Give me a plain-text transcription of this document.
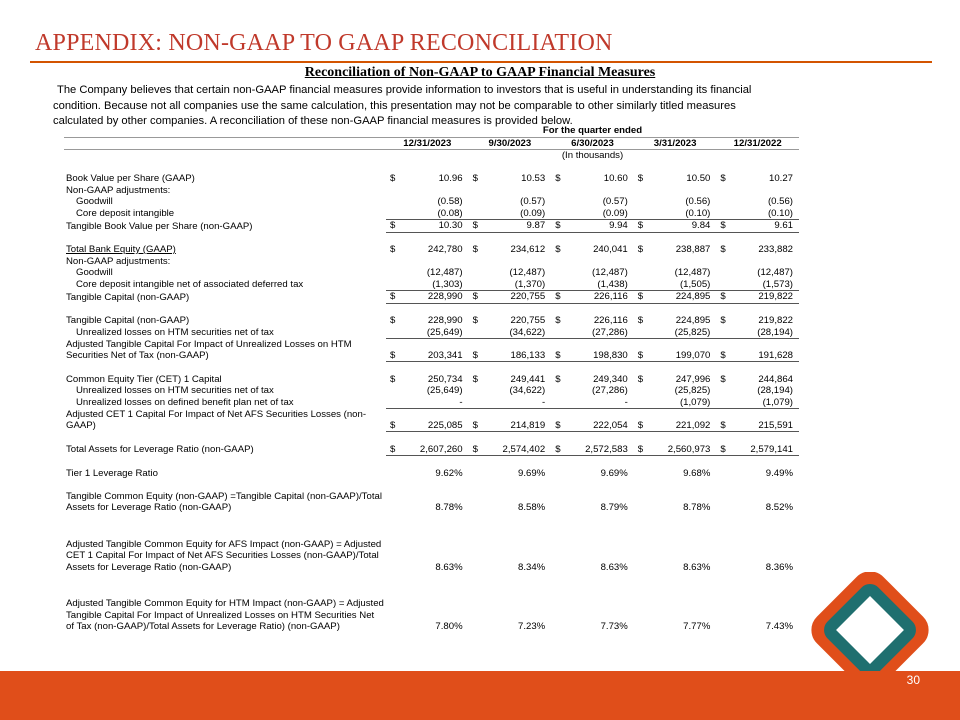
APPENDIX: NON-GAAP TO GAAP RECONCILIATION
Reconciliation of Non-GAAP to GAAP Financial Measures
The Company believes that certain non-GAAP financial measures provide information to investors that is useful in understanding its financial
condition. Because not all companies use the same calculation, this presentation may not be comparable to other similarly titled measures
calculated by other companies. A reconciliation of these non-GAAP financial measures is provided below.
	For the quarter ended				
	12/31/2023	9/30/2023	6/30/2023	3/31/2023	12/31/2022
	(In thousands)				

Book Value per Share (GAAP)	$ 10.96	$ 10.53	$ 10.60	$ 10.50	$ 10.27
Non-GAAP adjustments:					
Goodwill	(0.58)	(0.57)	(0.57)	(0.56)	(0.56)
Core deposit intangible	(0.08)	(0.09)	(0.09)	(0.10)	(0.10)
Tangible Book Value per Share (non-GAAP)	$ 10.30	$ 9.87	$ 9.94	$ 9.84	$ 9.61

Total Bank Equity (GAAP)	$ 242,780	$ 234,612	$ 240,041	$ 238,887	$ 233,882
Non-GAAP adjustments:					
Goodwill	(12,487)	(12,487)	(12,487)	(12,487)	(12,487)
Core deposit intangible net of associated deferred tax	(1,303)	(1,370)	(1,438)	(1,505)	(1,573)
Tangible Capital (non-GAAP)	$ 228,990	$ 220,755	$ 226,116	$ 224,895	$ 219,822

Tangible Capital (non-GAAP)	$ 228,990	$ 220,755	$ 226,116	$ 224,895	$ 219,822
Unrealized losses on HTM securities net of tax	(25,649)	(34,622)	(27,286)	(25,825)	(28,194)
Adjusted Tangible Capital For Impact of Unrealized Losses on HTM Securities Net of Tax (non-GAAP)	$ 203,341	$ 186,133	$ 198,830	$ 199,070	$ 191,628

Common Equity Tier (CET) 1 Capital	$ 250,734	$ 249,441	$ 249,340	$ 247,996	$ 244,864
Unrealized losses on HTM securities net of tax	(25,649)	(34,622)	(27,286)	(25,825)	(28,194)
Unrealized losses on defined benefit plan net of tax	-	-	-	(1,079)	(1,079)
Adjusted CET 1 Capital For Impact of Net AFS Securities Losses (non-GAAP)	$ 225,085	$ 214,819	$ 222,054	$ 221,092	$ 215,591

Total Assets for Leverage Ratio (non-GAAP)	$ 2,607,260	$ 2,574,402	$ 2,572,583	$ 2,560,973	$ 2,579,141

Tier 1 Leverage Ratio	9.62%	9.69%	9.69%	9.68%	9.49%

Tangible Common Equity (non-GAAP) =Tangible Capital (non-GAAP)/Total Assets for Leverage Ratio (non-GAAP)	8.78%	8.58%	8.79%	8.78%	8.52%

Adjusted Tangible Common Equity for AFS Impact (non-GAAP) = Adjusted CET 1 Capital For Impact of Net AFS Securities Losses (non-GAAP)/Total Assets for Leverage Ratio (non-GAAP)	8.63%	8.34%	8.63%	8.63%	8.36%

Adjusted Tangible Common Equity for HTM Impact (non-GAAP) = Adjusted Tangible Capital For Impact of Unrealized Losses on HTM Securities Net of Tax (non-GAAP)/Total Assets for Leverage Ratio) (non-GAAP)	7.80%	7.23%	7.73%	7.77%	7.43%
30
